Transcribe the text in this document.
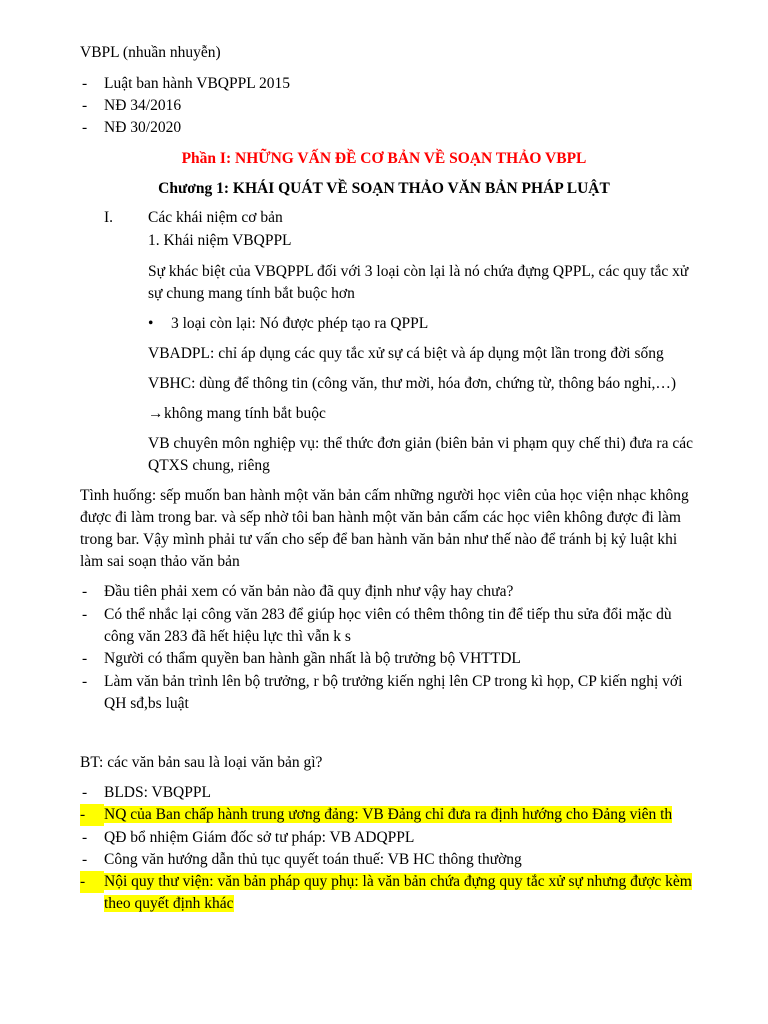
VBPL (nhuần nhuyễn)
- Luật ban hành VBQPPL 2015
- NĐ 34/2016
- NĐ 30/2020
Phần I: NHỮNG VẤN ĐỀ CƠ BẢN VỀ SOẠN THẢO VBPL
Chương 1: KHÁI QUÁT VỀ SOẠN THẢO VĂN BẢN PHÁP LUẬT
I. Các khái niệm cơ bản
1. Khái niệm VBQPPL
Sự khác biệt của VBQPPL đối với 3 loại còn lại là nó chứa đựng QPPL, các quy tắc xử
sự chung mang tính bắt buộc hơn
• 3 loại còn lại: Nó được phép tạo ra QPPL
VBADPL: chỉ áp dụng các quy tắc xử sự cá biệt và áp dụng một lần trong đời sống
VBHC: dùng để thông tin (công văn, thư mời, hóa đơn, chứng từ, thông báo nghỉ,…)
→ không mang tính bắt buộc
VB chuyên môn nghiệp vụ: thể thức đơn giản (biên bản vi phạm quy chế thi) đưa ra các
QTXS chung, riêng
Tình huống: sếp muốn ban hành một văn bản cấm những người học viên của học viện nhạc không
được đi làm trong bar. và sếp nhờ tôi ban hành một văn bản cấm các học viên không được đi làm
trong bar. Vậy mình phải tư vấn cho sếp để ban hành văn bản như thế nào để tránh bị kỷ luật khi
làm sai soạn thảo văn bản
- Đầu tiên phải xem có văn bản nào đã quy định như vậy hay chưa?
- Có thể nhắc lại công văn 283 để giúp học viên có thêm thông tin để tiếp thu sửa đổi mặc dù
công văn 283 đã hết hiệu lực thì vẫn k s
- Người có thẩm quyền ban hành gần nhất là bộ trưởng bộ VHTTDL
- Làm văn bản trình lên bộ trưởng, r bộ trưởng kiến nghị lên CP trong kì họp, CP kiến nghị với
QH sđ,bs luật
BT: các văn bản sau là loại văn bản gì?
- BLDS: VBQPPL
-	NQ của Ban chấp hành trung ương đảng: VB Đảng chỉ đưa ra định hướng cho Đảng viên th
- QĐ bổ nhiệm Giám đốc sở tư pháp: VB ADQPPL
- Công văn hướng dẫn thủ tục quyết toán thuế: VB HC thông thường
-	Nội quy thư viện: văn bản pháp quy phụ: là văn bản chứa đựng quy tắc xử sự nhưng được kèm
theo quyết định khác
